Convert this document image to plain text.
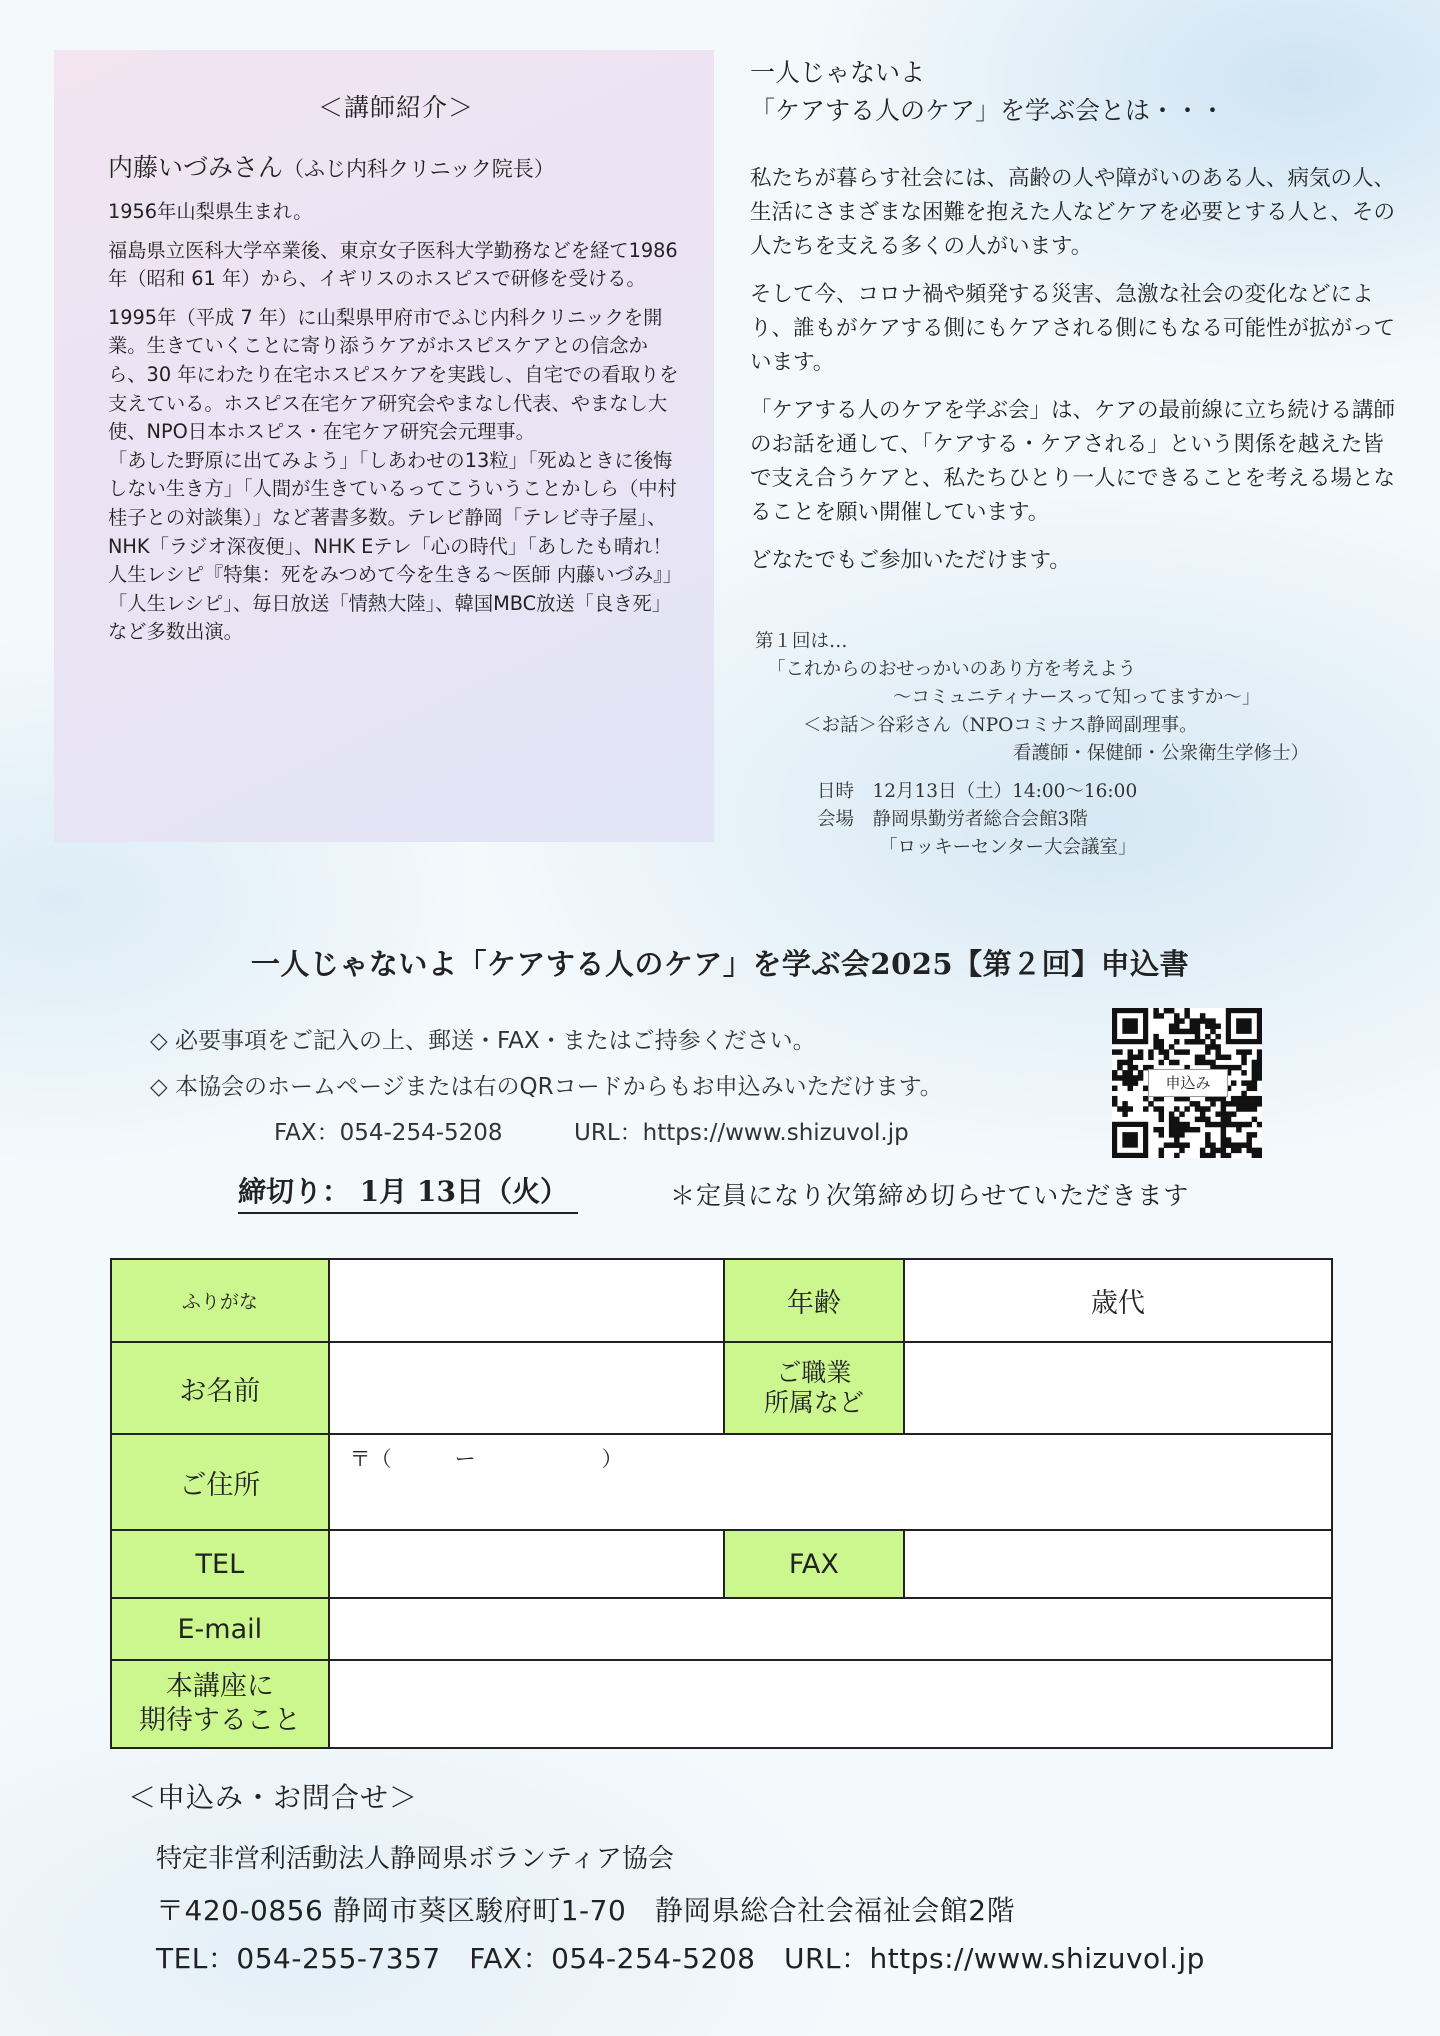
＜講師紹介＞
内藤いづみさん（ふじ内科クリニック院長）

1956年山梨県生まれ。

福島県立医科大学卒業後、東京女子医科大学勤務などを経て1986 年（昭和 61 年）から、イギリスのホスピスで研修を受ける。

1995年（平成 7 年）に山梨県甲府市でふじ内科クリニックを開業。生きていくことに寄り添うケアがホスピスケアとの信念から、30 年にわたり在宅ホスピスケアを実践し、自宅での看取りを支えている。ホスピス在宅ケア研究会やまなし代表、やまなし大使、NPO日本ホスピス・在宅ケア研究会元理事。

「あした野原に出てみよう」「しあわせの13粒」「死ぬときに後悔しない生き方」「人間が生きているってこういうことかしら（中村桂子との対談集）」など著書多数。テレビ静岡「テレビ寺子屋」、NHK「ラジオ深夜便」、NHK Eテレ「心の時代」「あしたも晴れ！人生レシピ『特集：死をみつめて今を生きる～医師 内藤いづみ』」「人生レシピ」、毎日放送「情熱大陸」、韓国MBC放送「良き死」など多数出演。

一人じゃないよ
「ケアする人のケア」を学ぶ会とは・・・

私たちが暮らす社会には、高齢の人や障がいのある人、病気の人、生活にさまざまな困難を抱えた人などケアを必要とする人と、その人たちを支える多くの人がいます。

そして今、コロナ禍や頻発する災害、急激な社会の変化などにより、誰もがケアする側にもケアされる側にもなる可能性が拡がっています。

「ケアする人のケアを学ぶ会」は、ケアの最前線に立ち続ける講師のお話を通して、「ケアする・ケアされる」という関係を越えた皆で支え合うケアと、私たちひとり一人にできることを考える場となることを願い開催しています。

どなたでもご参加いただけます。

第１回は…
「これからのおせっかいのあり方を考えよう
～コミュニティナースって知ってますか～」
＜お話＞谷彩さん（NPOコミナス静岡副理事。
看護師・保健師・公衆衛生学修士）
日時　12月13日（土）14:00～16:00
会場　静岡県勤労者総合会館3階
「ロッキーセンター大会議室」
一人じゃないよ「ケアする人のケア」を学ぶ会2025【第２回】申込書
◇ 必要事項をご記入の上、郵送・FAX・またはご持参ください。
◇ 本協会のホームページまたは右のQRコードからもお申込みいただけます。
FAX：054-254-5208	URL：https://www.shizuvol.jp
申込み
締切り： 1月 13日（火）	＊定員になり次第締め切らせていただきます
ふりがな		年齢	歳代
お名前		ご職業
所属など	

ご住所	〒（　　　ー　　　　　　）		
TEL		FAX	
E-mail			

本講座に
期待すること			

＜申込み・お問合せ＞
特定非営利活動法人静岡県ボランティア協会
〒420-0856 静岡市葵区駿府町1-70　静岡県総合社会福祉会館2階
TEL：054-255-7357　FAX：054-254-5208　URL：https://www.shizuvol.jp
